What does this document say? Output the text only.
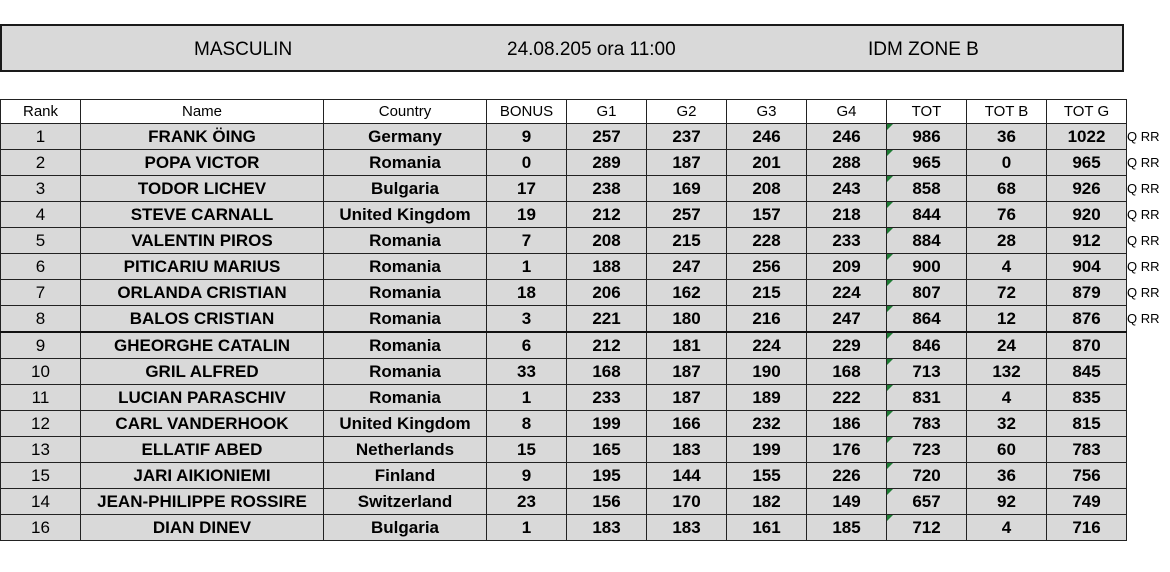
MASCULIN	24.08.205 ora 11:00	IDM ZONE B
Rank	Name	Country	BONUS	G1	G2	G3	G4	TOT	TOT B	TOT G	
1	FRANK ÖING	Germany	9	257	237	246	246	986	36	1022	Q RR
2	POPA VICTOR	Romania	0	289	187	201	288	965	0	965	Q RR
3	TODOR LICHEV	Bulgaria	17	238	169	208	243	858	68	926	Q RR
4	STEVE CARNALL	United Kingdom	19	212	257	157	218	844	76	920	Q RR
5	VALENTIN PIROS	Romania	7	208	215	228	233	884	28	912	Q RR
6	PITICARIU MARIUS	Romania	1	188	247	256	209	900	4	904	Q RR
7	ORLANDA CRISTIAN	Romania	18	206	162	215	224	807	72	879	Q RR
8	BALOS CRISTIAN	Romania	3	221	180	216	247	864	12	876	Q RR
9	GHEORGHE CATALIN	Romania	6	212	181	224	229	846	24	870	
10	GRIL ALFRED	Romania	33	168	187	190	168	713	132	845	
11	LUCIAN PARASCHIV	Romania	1	233	187	189	222	831	4	835	
12	CARL VANDERHOOK	United Kingdom	8	199	166	232	186	783	32	815	
13	ELLATIF ABED	Netherlands	15	165	183	199	176	723	60	783	
15	JARI AIKIONIEMI	Finland	9	195	144	155	226	720	36	756	
14	JEAN-PHILIPPE ROSSIRE	Switzerland	23	156	170	182	149	657	92	749	
16	DIAN DINEV	Bulgaria	1	183	183	161	185	712	4	716	
